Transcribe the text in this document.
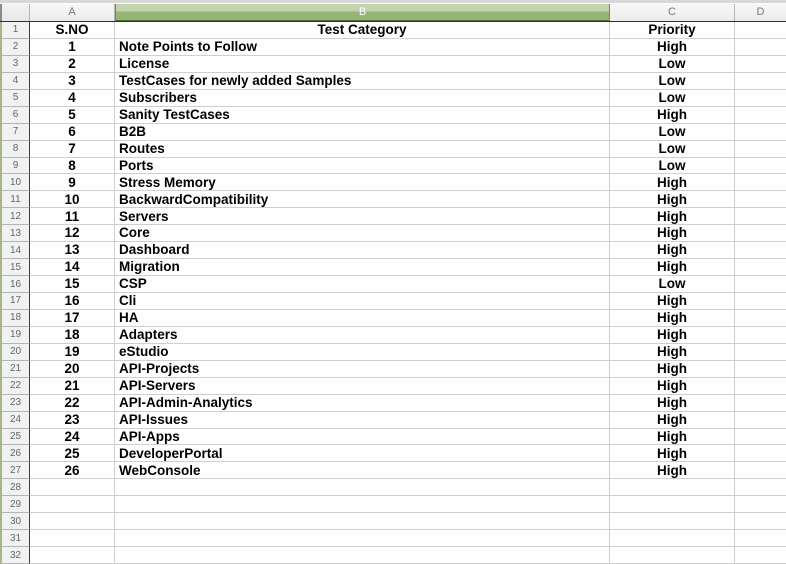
A	B	C	D
1	S.NO	Test Category	Priority
2	1	Note Points to Follow	High
3	2	License	Low
4	3	TestCases for newly added Samples	Low
5	4	Subscribers	Low
6	5	Sanity TestCases	High
7	6	B2B	Low
8	7	Routes	Low
9	8	Ports	Low
10	9	Stress Memory	High
11	10	BackwardCompatibility	High
12	11	Servers	High
13	12	Core	High
14	13	Dashboard	High
15	14	Migration	High
16	15	CSP	Low
17	16	Cli	High
18	17	HA	High
19	18	Adapters	High
20	19	eStudio	High
21	20	API-Projects	High
22	21	API-Servers	High
23	22	API-Admin-Analytics	High
24	23	API-Issues	High
25	24	API-Apps	High
26	25	DeveloperPortal	High
27	26	WebConsole	High
28
29
30
31
32
